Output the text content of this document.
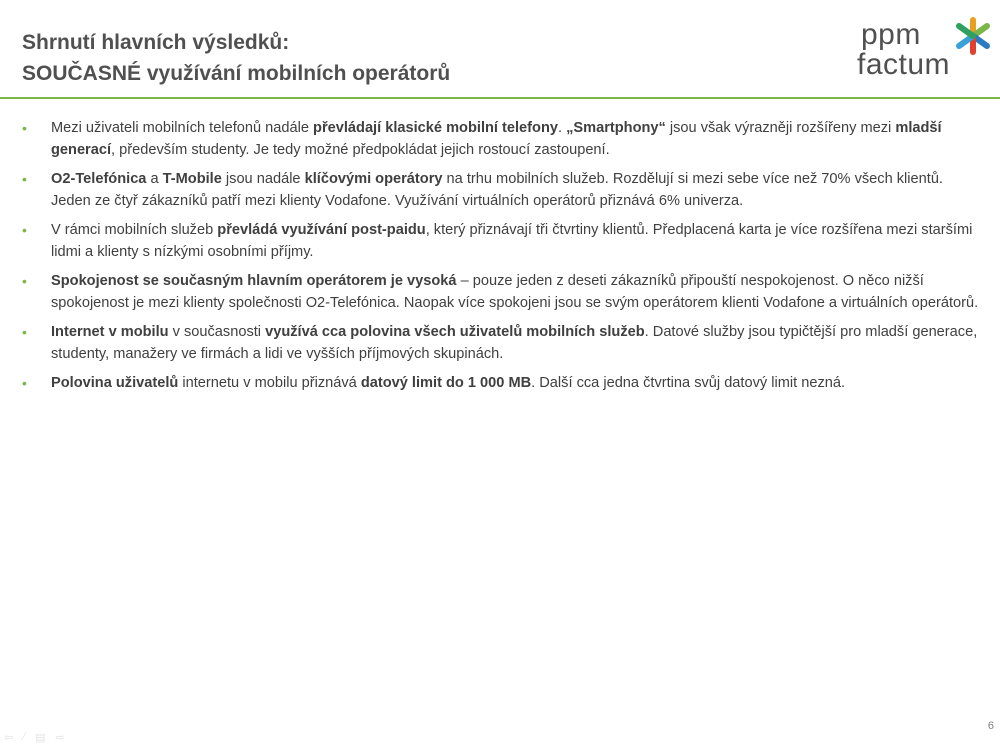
Shrnutí hlavních výsledků:
SOUČASNÉ využívání mobilních operátorů
ppm
factum
• Mezi uživateli mobilních telefonů nadále převládají klasické mobilní telefony. „Smartphony“ jsou však výrazněji rozšířeny mezi mladší generací, především studenty. Je tedy možné předpokládat jejich rostoucí zastoupení.
• O2-Telefónica a T-Mobile jsou nadále klíčovými operátory na trhu mobilních služeb. Rozdělují si mezi sebe více než 70% všech klientů. Jeden ze čtyř zákazníků patří mezi klienty Vodafone. Využívání virtuálních operátorů přiznává 6% univerza.
• V rámci mobilních služeb převládá využívání post-paidu, který přiznávají tři čtvrtiny klientů. Předplacená karta je více rozšířena mezi staršími lidmi a klienty s nízkými osobními příjmy.
• Spokojenost se současným hlavním operátorem je vysoká – pouze jeden z deseti zákazníků připouští nespokojenost. O něco nižší spokojenost je mezi klienty společnosti O2-Telefónica. Naopak více spokojeni jsou se svým operátorem klienti Vodafone a virtuálních operátorů.
• Internet v mobilu v současnosti využívá cca polovina všech uživatelů mobilních služeb. Datové služby jsou typičtější pro mladší generace, studenty, manažery ve firmách a lidi ve vyšších příjmových skupinách.
• Polovina uživatelů internetu v mobilu přiznává datový limit do 1 000 MB. Další cca jedna čtvrtina svůj datový limit nezná.
⇦ ∕ ▤ ⇨
6
